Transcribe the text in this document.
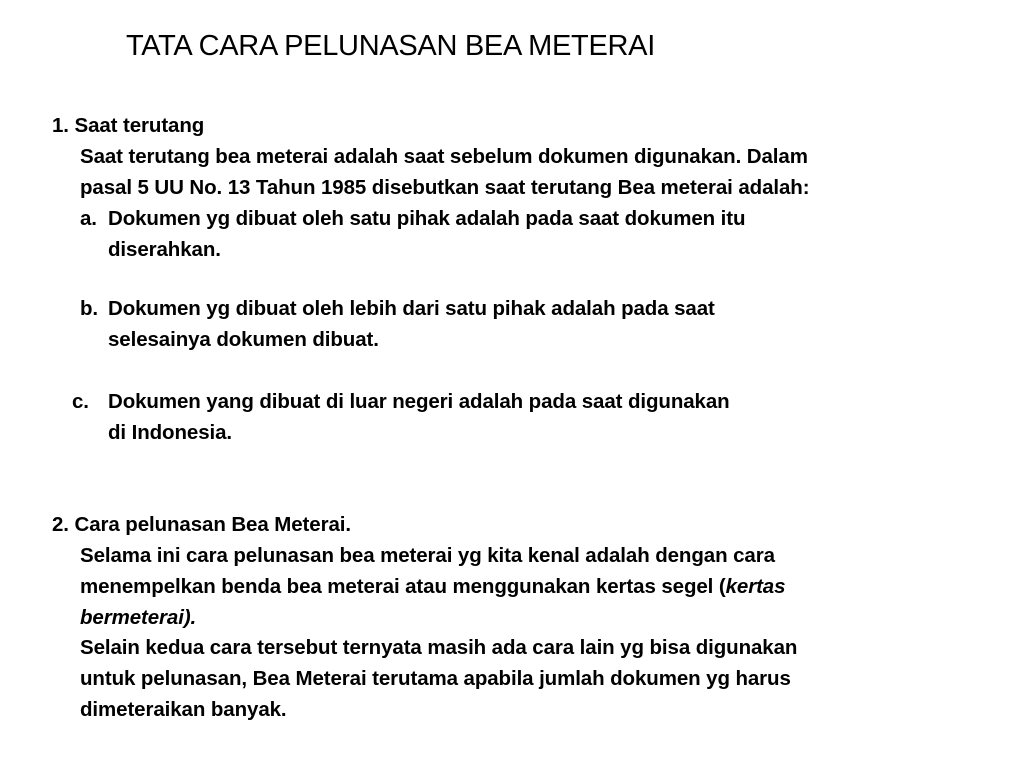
TATA CARA PELUNASAN BEA METERAI
1. Saat terutang
Saat terutang bea meterai adalah saat sebelum dokumen digunakan. Dalam
pasal 5 UU No. 13 Tahun 1985 disebutkan saat terutang Bea meterai adalah:
a. Dokumen yg dibuat oleh satu pihak adalah pada saat dokumen itu
diserahkan.
b. Dokumen yg dibuat oleh lebih dari satu pihak adalah pada saat
selesainya dokumen dibuat.
c. Dokumen yang dibuat di luar negeri adalah pada saat digunakan
di Indonesia.
2. Cara pelunasan Bea Meterai.
Selama ini cara pelunasan bea meterai yg kita kenal adalah dengan cara
menempelkan benda bea meterai atau menggunakan kertas segel (kertas
bermeterai).
Selain kedua cara tersebut ternyata masih ada cara lain yg bisa digunakan
untuk pelunasan, Bea Meterai terutama apabila jumlah dokumen yg harus
dimeteraikan banyak.
